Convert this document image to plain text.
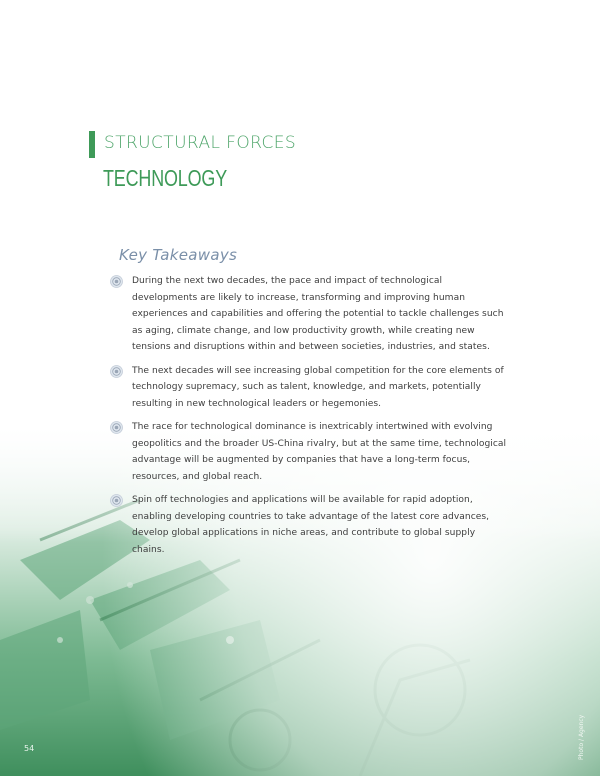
STRUCTURAL FORCES
TECHNOLOGY
Key Takeaways

During the next two decades, the pace and impact of technological developments are likely to increase, transforming and improving human experiences and capabilities and offering the potential to tackle challenges such as aging, climate change, and low productivity growth, while creating new tensions and disruptions within and between societies, industries, and states.

The next decades will see increasing global competition for the core elements of technology supremacy, such as talent, knowledge, and markets, potentially resulting in new technological leaders or hegemonies.

The race for technological dominance is inextricably intertwined with evolving geopolitics and the broader US-China rivalry, but at the same time, technological advantage will be augmented by companies that have a long-term focus, resources, and global reach.

Spin off technologies and applications will be available for rapid adoption, enabling developing countries to take advantage of the latest core advances, develop global applications in niche areas, and contribute to global supply chains.

54	Photo / Agency
